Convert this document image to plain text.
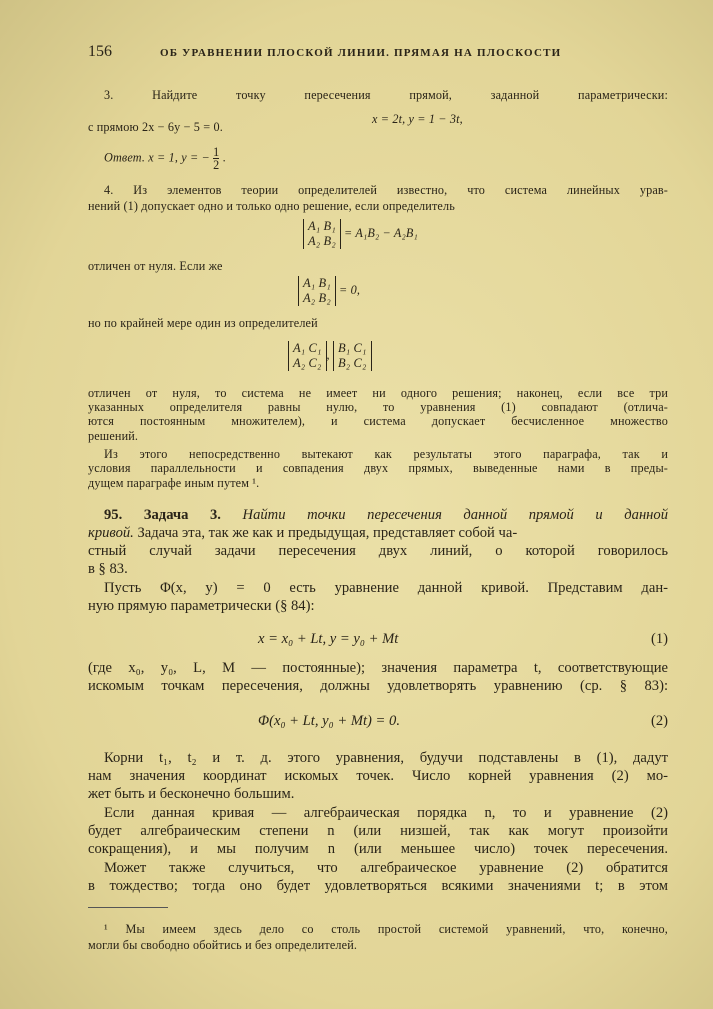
156	ОБ УРАВНЕНИИ ПЛОСКОЙ ЛИНИИ. ПРЯМАЯ НА ПЛОСКОСТИ
3. Найдите точку пересечения прямой, заданной параметрически:
x = 2t, y = 1 − 3t,
с прямою 2x − 6y − 5 = 0.
Ответ. x = 1, y = − $\frac{1}{2}$ .
4. Из элементов теории определителей известно, что система линейных урав-
нений (1) допускает одно и только одно решение, если определитель
A₁ B₁
A₂ B₂
= A₁B₂ − A₂B₁
отличен от нуля. Если же
A₁ B₁
A₂ B₂
= 0,
но по крайней мере один из определителей
A₁ C₁
A₂ C₂
, B₁ C₁
B₂ C₂
отличен от нуля, то система не имеет ни одного решения; наконец, если все три
указанных определителя равны нулю, то уравнения (1) совпадают (отлича-
ются постоянным множителем), и система допускает бесчисленное множество
решений.
Из этого непосредственно вытекают как результаты этого параграфа, так и
условия параллельности и совпадения двух прямых, выведенные нами в преды-
дущем параграфе иным путем ¹.
95. Задача 3. Найти точки пересечения данной прямой и данной
кривой. Задача эта, так же как и предыдущая, представляет собой ча-
стный случай задачи пересечения двух линий, о которой говорилось
в § 83.
Пусть Φ(x, y) = 0 есть уравнение данной кривой. Представим дан-
ную прямую параметрически (§ 84):
x = x₀ + Lt, y = y₀ + Mt	(1)
(где x₀, y₀, L, M — постоянные); значения параметра t, соответствующие
искомым точкам пересечения, должны удовлетворять уравнению (ср. § 83):
Φ(x₀ + Lt, y₀ + Mt) = 0.	(2)
Корни t₁, t₂ и т. д. этого уравнения, будучи подставлены в (1), дадут
нам значения координат искомых точек. Число корней уравнения (2) мо-
жет быть и бесконечно большим.
Если данная кривая — алгебраическая порядка n, то и уравнение (2)
будет алгебраическим степени n (или низшей, так как могут произойти
сокращения), и мы получим n (или меньшее число) точек пересечения.
Может также случиться, что алгебраическое уравнение (2) обратится
в тождество; тогда оно будет удовлетворяться всякими значениями t; в этом
¹ Мы имеем здесь дело со столь простой системой уравнений, что, конечно,
могли бы свободно обойтись и без определителей.
